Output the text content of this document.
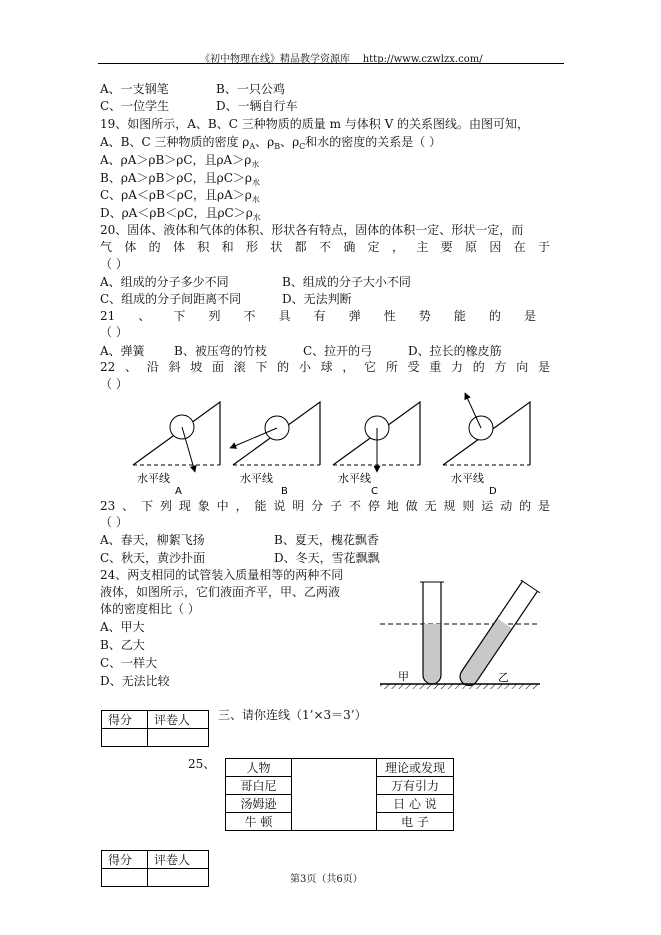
《初中物理在线》精品教学资源库 http://www.czwlzx.com/
A、一支钢笔	B、一只公鸡
C、一位学生	D、一辆自行车
19、如图所示，A、B、C 三种物质的质量 m 与体积 V 的关系图线。由图可知，
A、B、C 三种物质的密度 $\rho_A$、$\rho_B$、$\rho_C$和水的密度的关系是（ ）
A、ρA＞ρB＞ρC，且$\rho A>\rho_水$
B、ρA＞ρB＞ρC，且$\rho C>\rho_水$
C、ρA＜ρB＜ρC，且$\rho A>\rho_水$
D、ρA＜ρB＜ρC，且$\rho C>\rho_水$
20、固体、液体和气体的体积、形状各有特点，固体的体积一定、形状一定，而
气体的体积和形状都不确定，主要原因在于
（ ）
A、组成的分子多少不同	B、组成的分子大小不同
C、组成的分子间距离不同	D、无法判断
21、下列不具有弹性势能的是
（ ）
A、弹簧 B、被压弯的竹枝	C、拉开的弓	D、拉长的橡皮筋
22、沿斜坡面滚下的小球，它所受重力的方向是
（ ）
水平线
A
水平线
B
水平线
C
水平线
D
23、下列现象中，能说明分子不停地做无规则运动的是
（ ）
A、春天，柳絮飞扬	B、夏天，槐花飘香
C、秋天，黄沙扑面	D、冬天，雪花飘飘
24、两支相同的试管装入质量相等的两种不同
液体，如图所示，它们液面齐平，甲、乙两液
体的密度相比（ ）
A、甲大
B、乙大
C、一样大
D、无法比较	甲	乙
得分	评卷人
	三、请你连线（1’×3＝3’）
25、	人物		理论或发现
哥白尼		万有引力
汤姆逊		日 心 说
牛 顿		电 子
得分	评卷人

第3页（共6页）
